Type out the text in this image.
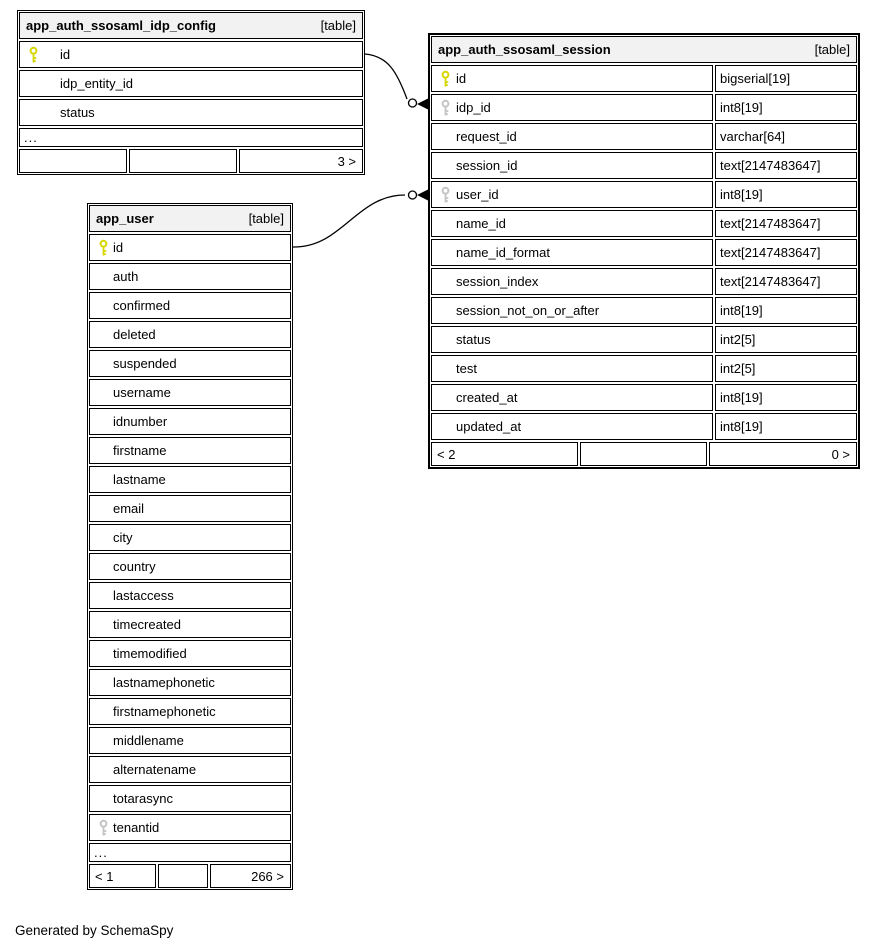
app_auth_ssosaml_idp_config	[table]
id
idp_entity_id
status
...
3 >
app_auth_ssosaml_session	[table]
id	bigserial[19]
idp_id	int8[19]
request_id	varchar[64]
session_id	text[2147483647]
user_id	int8[19]
name_id	text[2147483647]
name_id_format	text[2147483647]
session_index	text[2147483647]
session_not_on_or_after	int8[19]
status	int2[5]
test	int2[5]
created_at	int8[19]
updated_at	int8[19]
< 2	0 >
app_user	[table]
id
auth
confirmed
deleted
suspended
username
idnumber
firstname
lastname
email
city
country
lastaccess
timecreated
timemodified
lastnamephonetic
firstnamephonetic
middlename
alternatename
totarasync
tenantid
...
< 1	266 >
Generated by SchemaSpy
